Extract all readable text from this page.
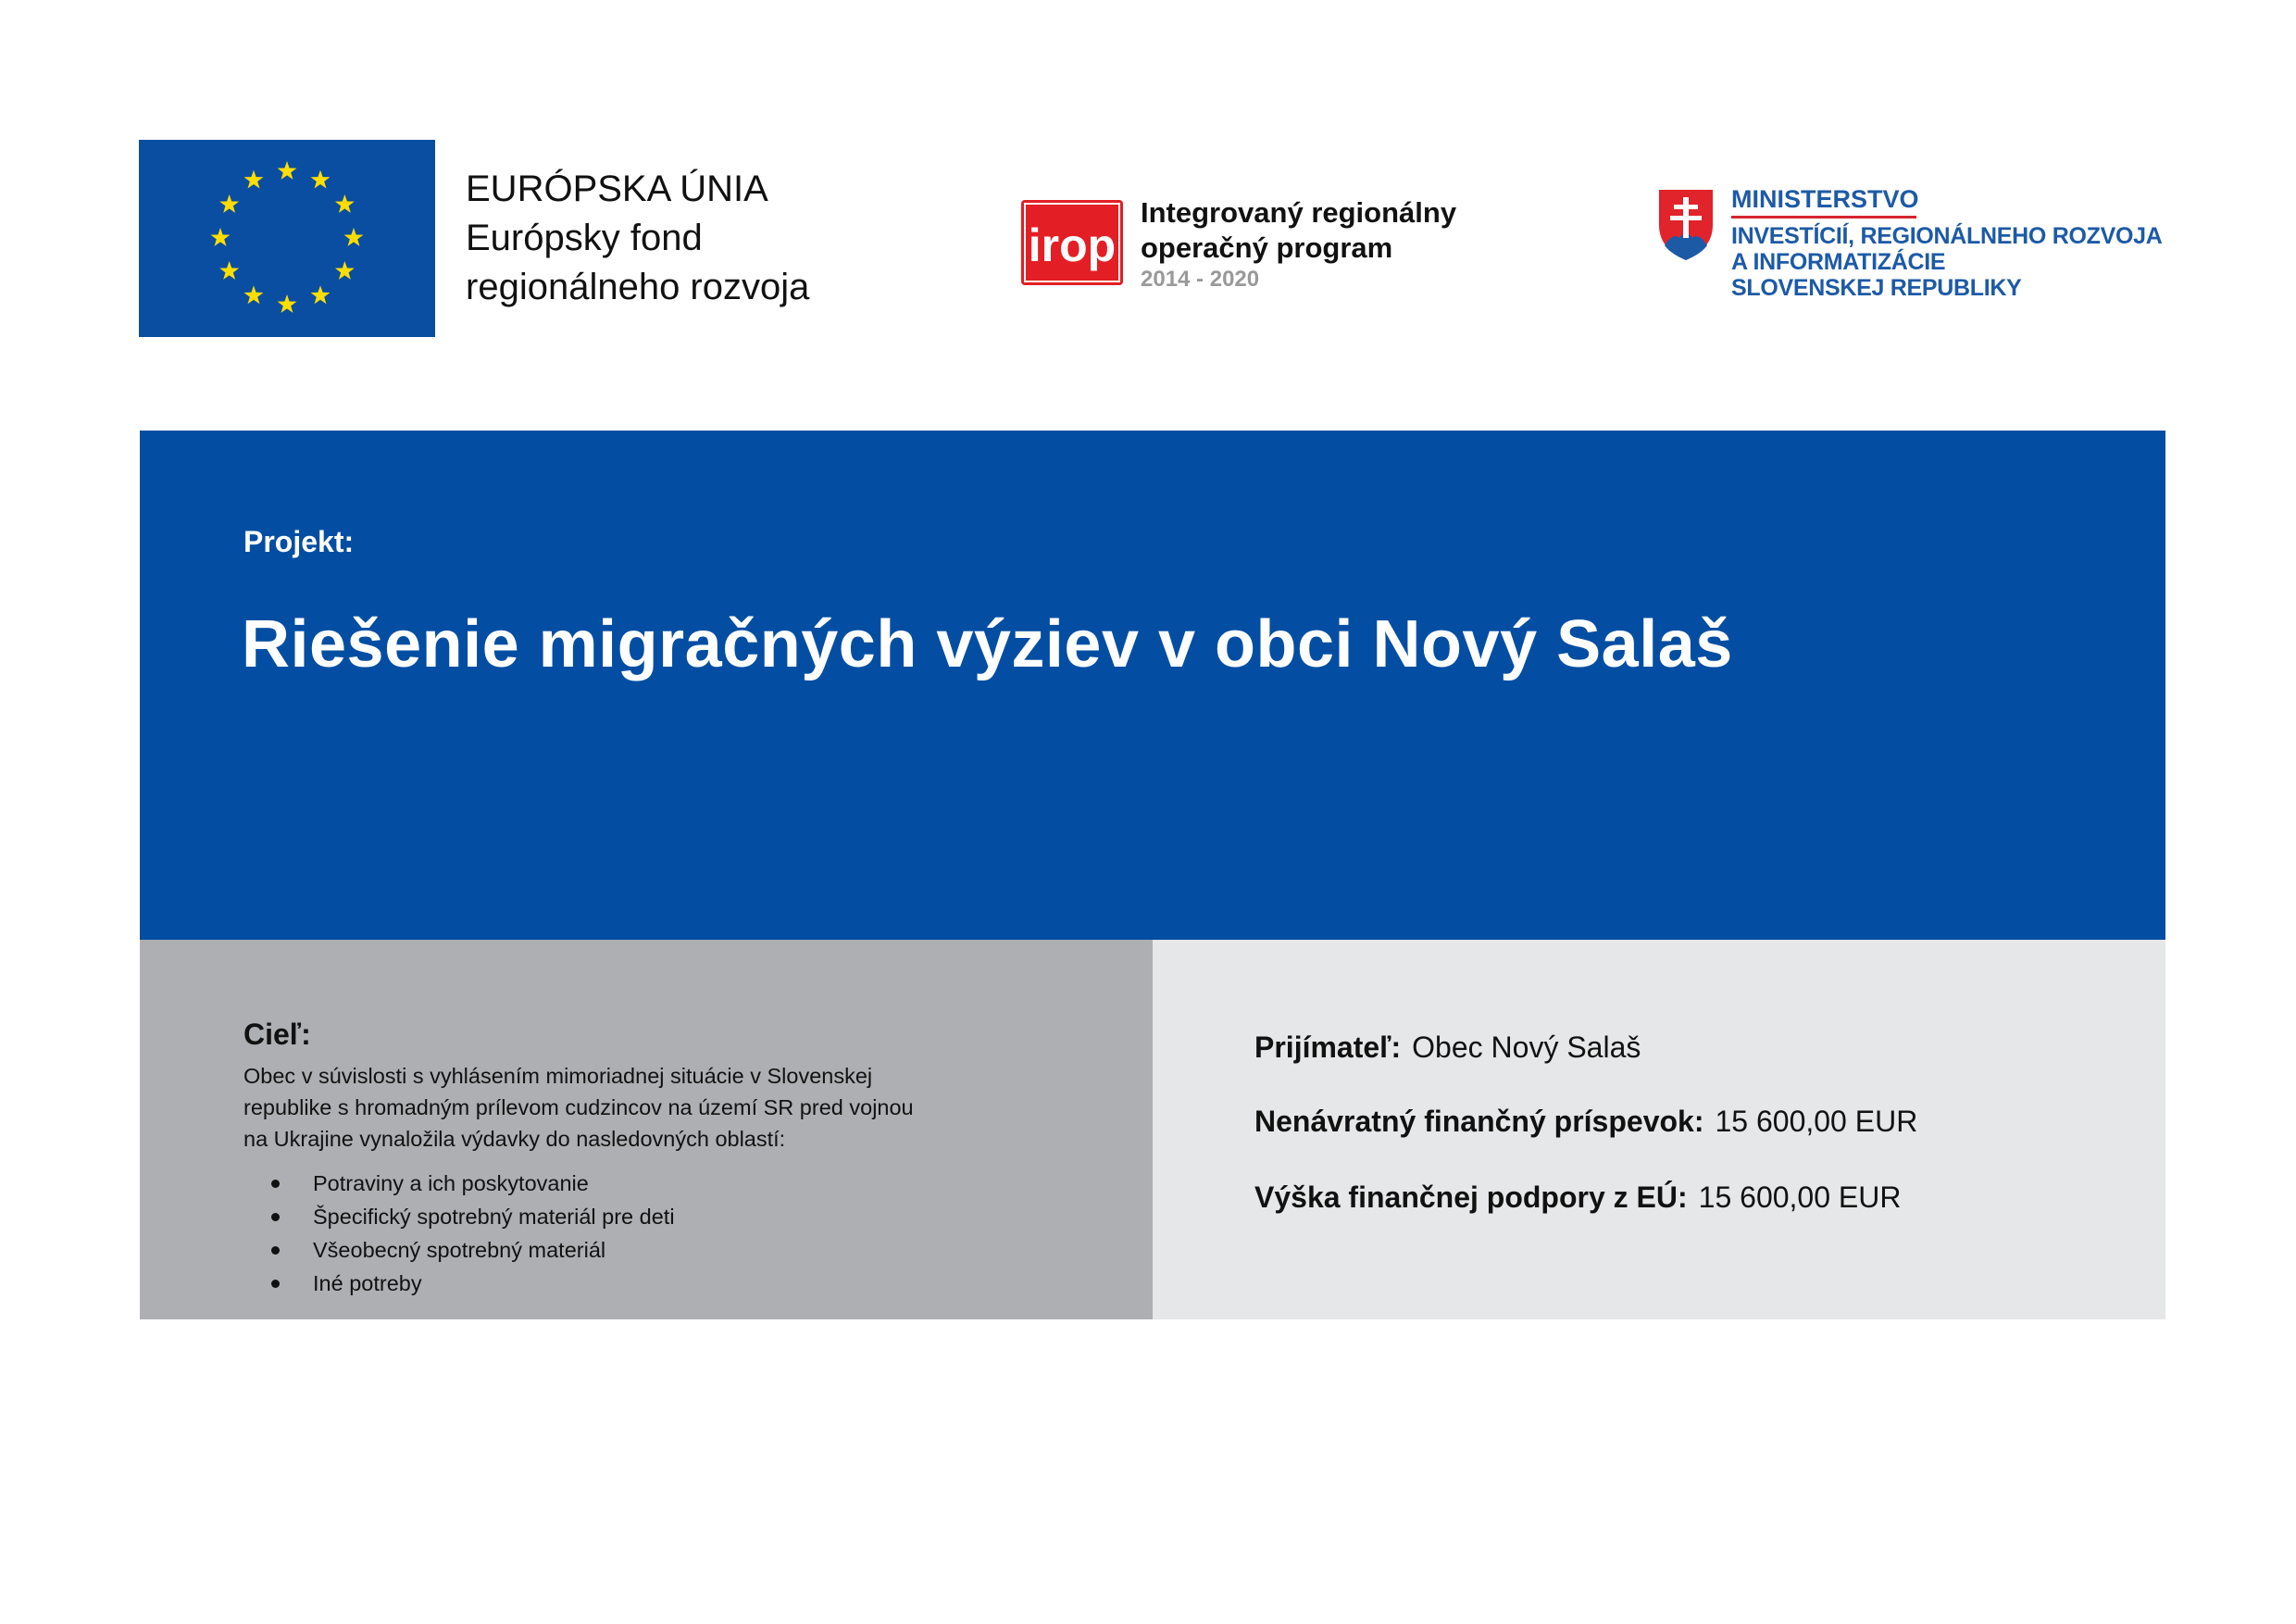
EURÓPSKA ÚNIA
Európsky fond
regionálneho rozvoja
irop
Integrovaný regionálny
operačný program
2014 - 2020
MINISTERSTVO
INVESTÍCIÍ, REGIONÁLNEHO ROZVOJA
A INFORMATIZÁCIE
SLOVENSKEJ REPUBLIKY
Projekt:
Riešenie migračných výziev v obci Nový Salaš
Cieľ:
Obec v súvislosti s vyhlásením mimoriadnej situácie v Slovenskej
republike s hromadným prílevom cudzincov na území SR pred vojnou
na Ukrajine vynaložila výdavky do nasledovných oblastí:
Potraviny a ich poskytovanie
Špecifický spotrebný materiál pre deti
Všeobecný spotrebný materiál
Iné potreby
Prijímateľ: Obec Nový Salaš
Nenávratný finančný príspevok: 15 600,00 EUR
Výška finančnej podpory z EÚ: 15 600,00 EUR
